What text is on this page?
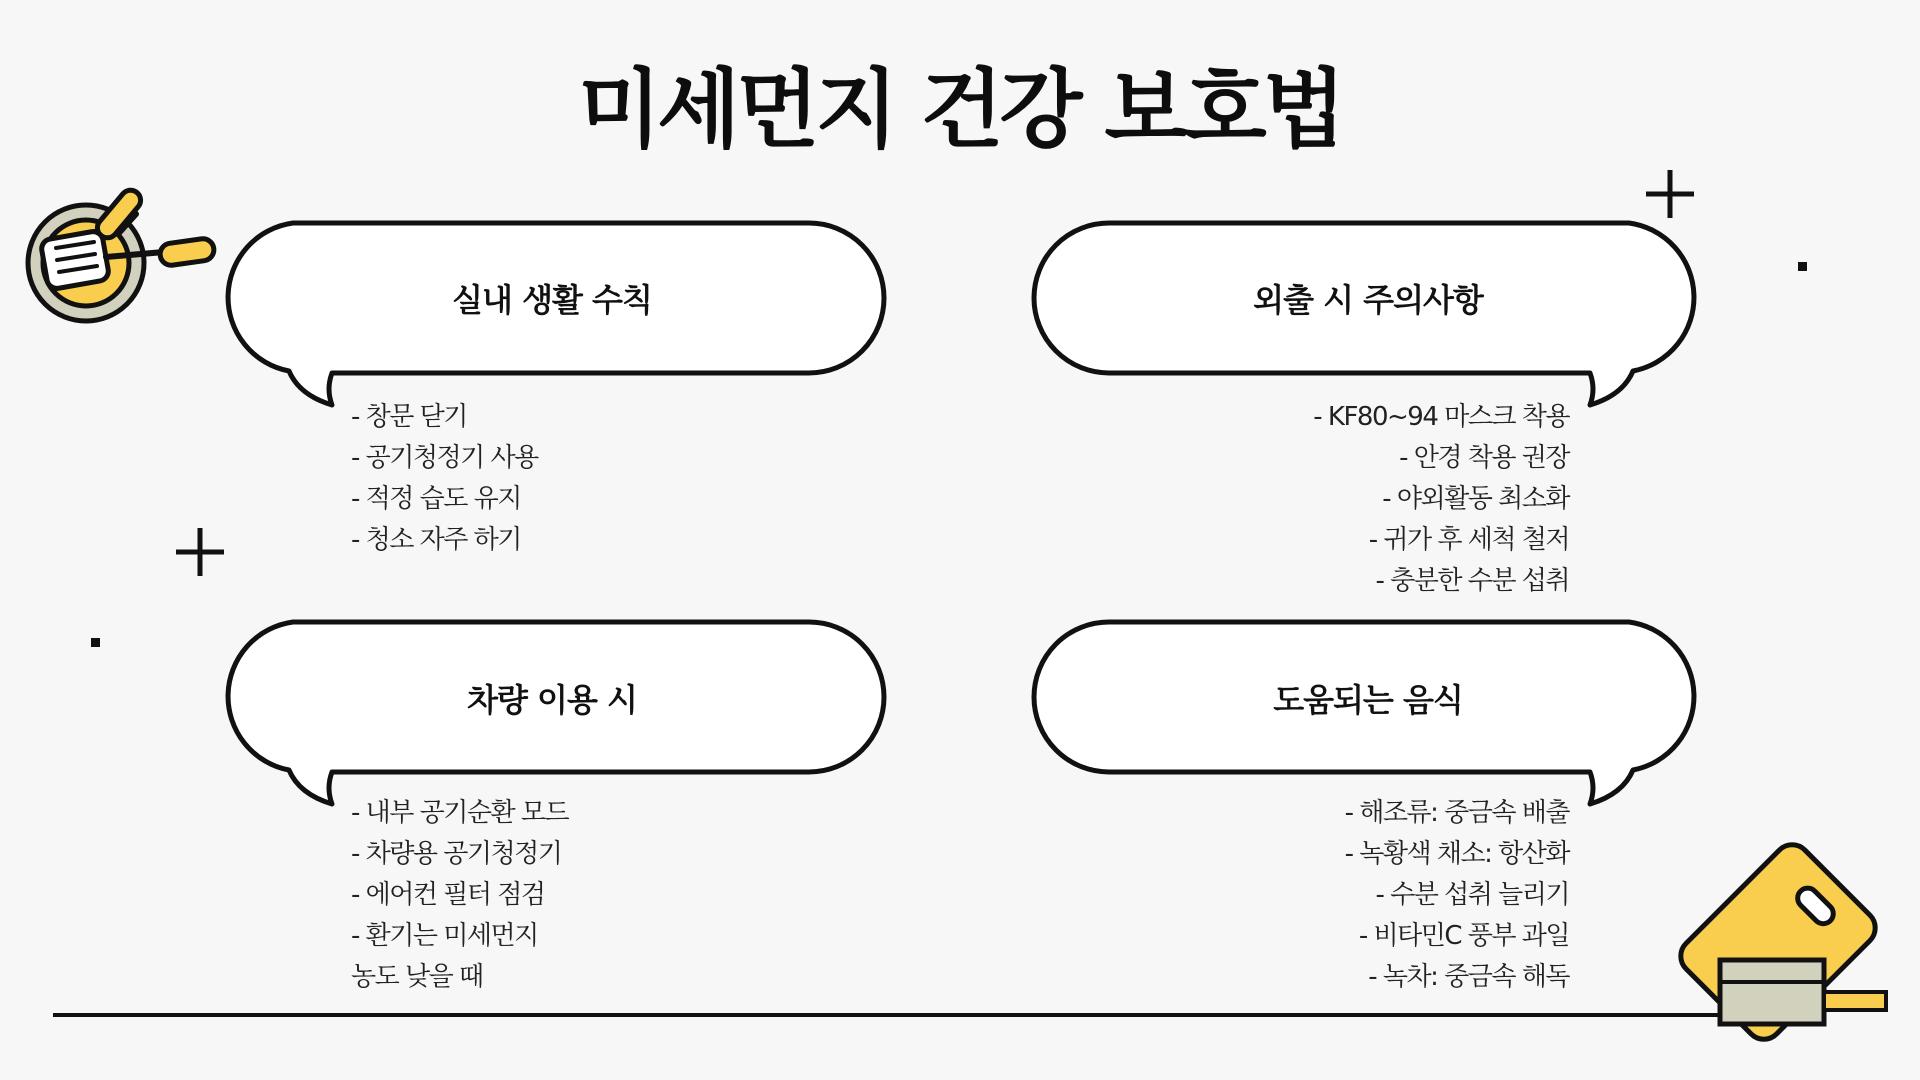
미세먼지 건강 보호법
실내 생활 수칙
- 창문 닫기
- 공기청정기 사용
- 적정 습도 유지
- 청소 자주 하기
외출 시 주의사항
- KF80~94 마스크 착용
- 안경 착용 권장
- 야외활동 최소화
- 귀가 후 세척 철저
- 충분한 수분 섭취
차량 이용 시
- 내부 공기순환 모드
- 차량용 공기청정기
- 에어컨 필터 점검
- 환기는 미세먼지
농도 낮을 때
도움되는 음식
- 해조류: 중금속 배출
- 녹황색 채소: 항산화
- 수분 섭취 늘리기
- 비타민C 풍부 과일
- 녹차: 중금속 해독
